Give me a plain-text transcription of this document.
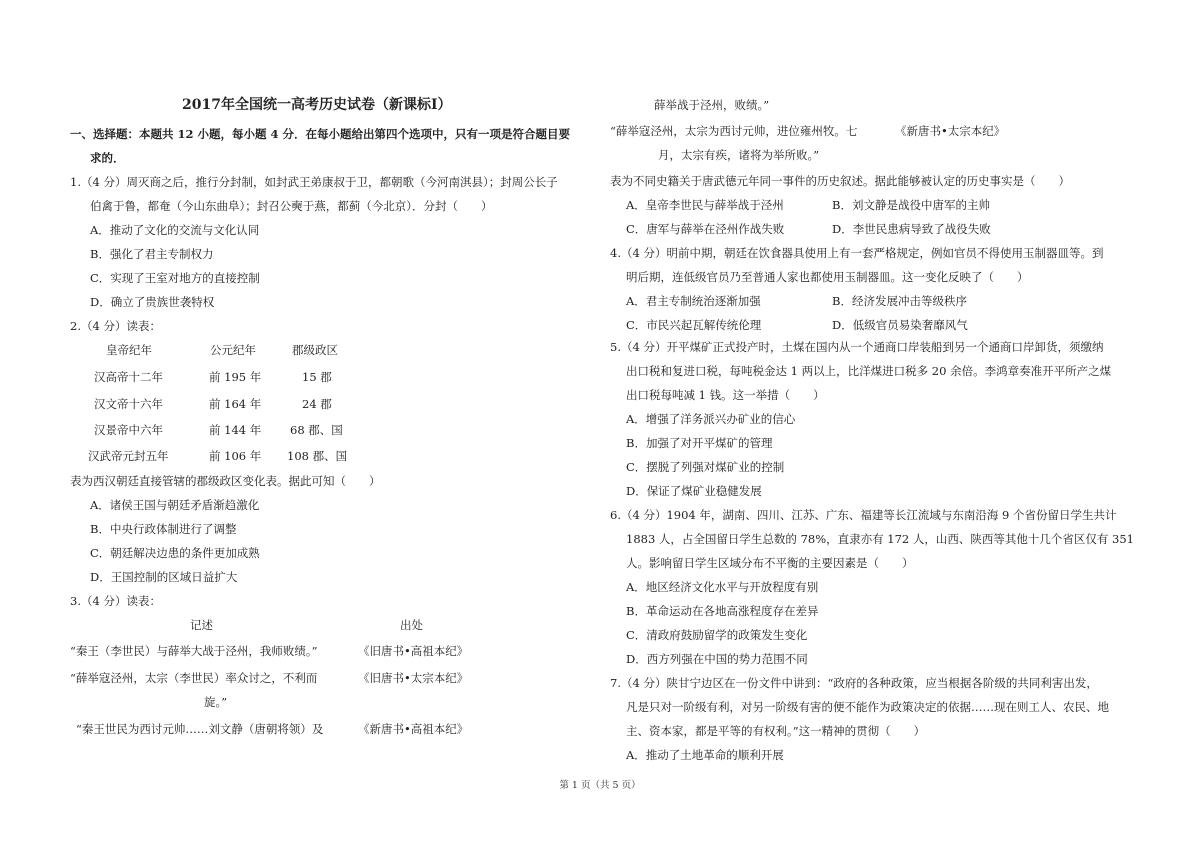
2017年全国统一高考历史试卷（新课标Ⅰ）
一、选择题：本题共 12 小题，每小题 4 分．在每小题给出第四个选项中，只有一项是符合题目要
求的．
1.（4 分）周灭商之后，推行分封制，如封武王弟康叔于卫，都朝歌（今河南淇县）；封周公长子
伯禽于鲁，都奄（今山东曲阜）；封召公奭于燕，都蓟（今北京）．分封（　　）
A．推动了文化的交流与文化认同
B．强化了君主专制权力
C．实现了王室对地方的直接控制
D．确立了贵族世袭特权
2.（4 分）读表：
皇帝纪年	公元纪年	郡级政区
汉高帝十二年	前 195 年	15 郡
汉文帝十六年	前 164 年	24 郡
汉景帝中六年	前 144 年 68 郡、国
汉武帝元封五年	前 106 年 108 郡、国
表为西汉朝廷直接管辖的郡级政区变化表。据此可知（　　）
A．诸侯王国与朝廷矛盾渐趋激化
B．中央行政体制进行了调整
C．朝廷解决边患的条件更加成熟
D．王国控制的区域日益扩大
3.（4 分）读表：
记述	出处
“秦王（李世民）与薛举大战于泾州，我师败绩。”	《旧唐书•高祖本纪》
“薛举寇泾州，太宗（李世民）率众讨之，不利而	《旧唐书•太宗本纪》
旋。”
“秦王世民为西讨元帅……刘文静（唐朝将领）及	《新唐书•高祖本纪》
薛举战于泾州，败绩。”
“薛举寇泾州，太宗为西讨元帅，进位雍州牧。七	《新唐书•太宗本纪》
月，太宗有疾，诸将为举所败。”
表为不同史籍关于唐武德元年同一事件的历史叙述。据此能够被认定的历史事实是（　　）
A．皇帝李世民与薛举战于泾州	B．刘文静是战役中唐军的主帅
C．唐军与薛举在泾州作战失败	D．李世民患病导致了战役失败
4.（4 分）明前中期，朝廷在饮食器具使用上有一套严格规定，例如官员不得使用玉制器皿等。到
明后期，连低级官员乃至普通人家也都使用玉制器皿。这一变化反映了（　　）
A．君主专制统治逐渐加强	B．经济发展冲击等级秩序
C．市民兴起瓦解传统伦理	D．低级官员易染奢靡风气
5.（4 分）开平煤矿正式投产时，土煤在国内从一个通商口岸装船到另一个通商口岸卸货，须缴纳
出口税和复进口税，每吨税金达 1 两以上，比洋煤进口税多 20 余倍。李鸿章奏准开平所产之煤
出口税每吨减 1 钱。这一举措（　　）
A．增强了洋务派兴办矿业的信心
B．加强了对开平煤矿的管理
C．摆脱了列强对煤矿业的控制
D．保证了煤矿业稳健发展
6.（4 分）1904 年，湖南、四川、江苏、广东、福建等长江流域与东南沿海 9 个省份留日学生共计
1883 人，占全国留日学生总数的 78%，直隶亦有 172 人，山西、陕西等其他十几个省区仅有 351
人。影响留日学生区域分布不平衡的主要因素是（　　）
A．地区经济文化水平与开放程度有别
B．革命运动在各地高涨程度存在差异
C．清政府鼓励留学的政策发生变化
D．西方列强在中国的势力范围不同
7.（4 分）陕甘宁边区在一份文件中讲到：“政府的各种政策，应当根据各阶级的共同利害出发，
凡是只对一阶级有利，对另一阶级有害的便不能作为政策决定的依据……现在则工人、农民、地
主、资本家，都是平等的有权利。”这一精神的贯彻（　　）
A．推动了土地革命的顺利开展
第 1 页（共 5 页）
